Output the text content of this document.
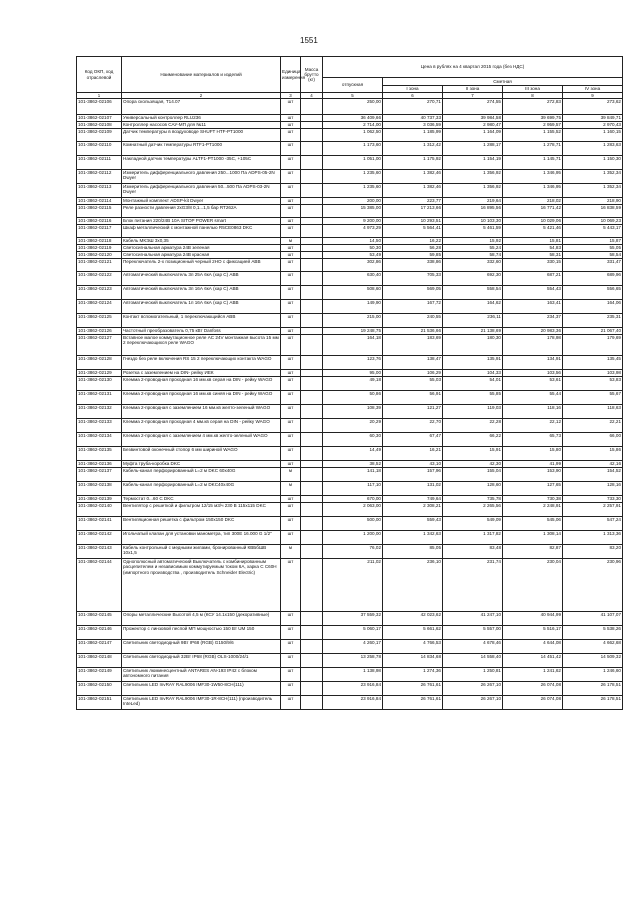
1551
Код ОКП, ход отраслевой	Наименование материалов и изделий	Единица измерения	Масса брутто (кг)	Цена в рублях на 4 квартал 2015 года (без НДС)				
				отпускная	Сметная			
					I зона	II зона	III зона	IV зона
1	2	3	4	5	6	7	8	9
101-3862-02106	Опора скользящая, Т14.07	шт		250,00	270,71	274,55	272,83	273,62
101-3862-02107	Универсальный контроллер RLU236	шт		36 409,66	40 737,33	39 984,58	39 699,75	39 849,71
101-3862-02108	Контроллер насосов САУ-МП для №11	шт		2 714,00	3 036,59	2 980,47	2 959,57	2 970,43
101-3862-02109	Датчик температуры в воздуховоде SHUFT HTF-PT1000	шт		1 062,50	1 185,99	1 164,09	1 155,52	1 160,15
101-3862-02110	Комнатный датчик температуры RTF1-PT1000	шт		1 173,60	1 312,42	1 288,17	1 278,71	1 283,63
101-3862-02111	Накладной датчик температуры ALTF1-PT1000 -35С, +105С	шт		1 051,00	1 175,92	1 154,19	1 145,71	1 150,30
101-3862-02112	Измеритель дифференциального давления 250...1000 Па ADPS-05-2N Dwyer	шт		1 235,60	1 382,46	1 356,92	1 346,95	1 352,34
101-3862-02113	Измеритель дифференциального давления 50...500 Па ADPS-03-2N Dwyer	шт		1 235,60	1 382,46	1 356,92	1 346,95	1 352,34
101-3862-02114	Монтажный комплект ADSP-kit Dwyer	шт		200,00	223,77	219,64	218,02	218,90
101-3862-02115	Реле разности давления 2хG3/8 0,1...1,5 бар RT262A	шт		15 385,00	17 213,66	16 895,56	16 771,42	16 838,59
101-3862-02116	Блок питания 220/24В 10А SITOP POWER smart	шт		9 200,00	10 293,51	10 103,30	10 029,06	10 069,23
101-3862-02117	Шкаф металлический с монтажной панелью R5CE0863 DKC	шт		4 973,29	5 564,41	5 461,59	5 421,46	5 443,17
101-3862-02118	Кабель МКЭШ 3х0,35	м		14,50	16,22	15,92	15,81	15,87
101-3862-02119	Светосигнальная арматура 24В зеленая	шт		50,30	56,28	55,24	54,83	55,05
101-3862-02120	Светосигнальная арматура 24В красная	шт		53,49	59,85	58,74	58,31	58,54
101-3862-02121	Переключатель 2-х позиционный черный 2НО с фиксацией ABB	шт		302,86	338,86	332,60	330,15	331,47
101-3862-02122	Автоматический выключатель 3п 25А 6кА (хар С) ABB	шт		630,40	705,33	692,30	687,21	689,96
101-3862-02123	Автоматический выключатель 3п 16А 6кА (хар С) ABB	шт		508,60	569,05	558,54	554,43	556,65
101-3862-02124	Автоматический выключатель 1п 16А 6кА (хар С) ABB	шт		149,90	167,72	164,62	163,41	164,06
101-3862-02125	Контакт вспомогательный, 1 переключающийся ABB	шт		215,00	240,55	236,11	234,37	235,31
101-3862-02126	Частотный преобразователь 0,75 кВт Danfoss	шт		19 248,75	21 536,66	21 138,69	20 983,36	21 067,40
101-3862-02127	Вставное малое коммутационное реле AC 24V монтажная высота 15 мм 2 переключающихся реле WAGO	шт		164,18	183,69	180,30	178,98	179,69
101-3862-02128	Гнездо без реле включения RS 15 2 переключающих контакта WAGO	шт		123,76	138,47	135,91	134,91	135,45
101-3862-02129	Розетка с заземлением на DIN- рейку ИЕК	шт		95,00	106,29	104,33	103,56	103,98
101-3862-02130	Клемма 2-проводная проходная 16 мм.кв серая на DIN - рейку WAGO	шт		49,18	55,03	54,01	53,61	53,83
101-3862-02131	Клемма 2-проводная проходная 16 мм.кв синяя на DIN - рейку WAGO	шт		50,86	56,91	55,85	55,44	55,67
101-3862-02132	Клемма 2-проводная с заземлением 16 мм.кв желто-зеленый WAGO	шт		108,39	121,27	119,03	118,16	118,63
101-3862-02133	Клемма 2-проводная проходная 4 мм.кв серая на DIN - рейку WAGO	шт		20,29	22,70	22,28	22,12	22,21
101-3862-02134	Клемма 2-проводная с заземлением 4 мм.кв желто-зеленый WAGO	шт		60,30	67,47	66,22	65,73	66,00
101-3862-02135	Безвинтовой оконечный стопор 6 мм шириной WAGO	шт		14,49	16,21	15,91	15,80	15,86
101-3862-02136	Муфта труба-коробка DKC	шт		38,52	43,10	42,30	41,99	42,16
101-3862-02137	Кабель-канал перфорированный L=2 м DKC 60х40G	м		141,18	157,96	155,04	153,90	154,52
101-3862-02138	Кабель-канал перфорированный L=2 м DKC40х40G	м		117,10	131,02	128,60	127,65	128,16
101-3862-02139	Термостат 0...60 С DKC	шт		670,00	749,64	735,78	730,38	733,30
101-3862-02140	Вентилятор с решеткой и фильтром 12/15 м3/ч 230 В 115х115 DKC	шт		2 063,00	2 308,21	2 265,56	2 248,91	2 257,91
101-3862-02141	Вентиляционная решетка с фильтром 150х150 DKC	шт		500,00	559,43	549,09	545,06	547,24
101-3862-02142	Игольчатый клапан для установки манометра, тип 300Е 16.000 G 1/2"	шт		1 200,00	1 342,63	1 317,82	1 308,14	1 313,36
101-3862-02143	Кабель контрольный с медными жилами, бронированный КВБбШВ 10х1,5	м		76,02	85,05	83,48	82,87	83,20
101-3862-02144	Однополюсный автоматический Выключатель с комбинированным расцепителем и независимым коммутируемым током 6А, харка С С60Н (импортного производства , производитель Schneider Electric)	шт		211,02	236,10	231,74	230,04	230,96
101-3862-02145	Опоры металлические Высотой 4,5 м (КСУ 14.1х150 (декоративные)	шт		37 559,32	42 023,62	41 247,10	40 944,99	41 107,07
101-3862-02146	Прожектор с линзовой песпой МП мощностью 150 Вт UM 150	шт		5 060,17	5 661,62	5 557,00	5 516,17	5 538,26
101-3862-02147	Светильник светодиодный 9Вт IP68 (RGB) G150/9/6	шт		4 260,17	4 766,53	4 678,46	4 644,08	4 662,68
101-3862-02148	Светильник светодиодный 32Вт IP68 (RGB) OLS-1000/24/1	шт		13 258,78	14 834,68	14 558,40	14 451,42	14 509,32
101-3862-02149	Светильник люминесцентный ANTARES AN-193 IP42 с блоком автономного питания	шт		1 138,98	1 274,36	1 250,81	1 241,62	1 246,60
101-3862-02150	Светильник LED InvRAY RAL9006 IMF30-1W50-8CH(111)	шт		23 916,84	26 761,61	26 267,10	26 074,08	26 178,51
101-3862-02151	Светильник LED InvRAY RAL9006 IMF30-1R-8CH(111) (производитель InteLed)	шт		23 916,84	26 761,61	26 267,10	26 074,08	26 178,51
